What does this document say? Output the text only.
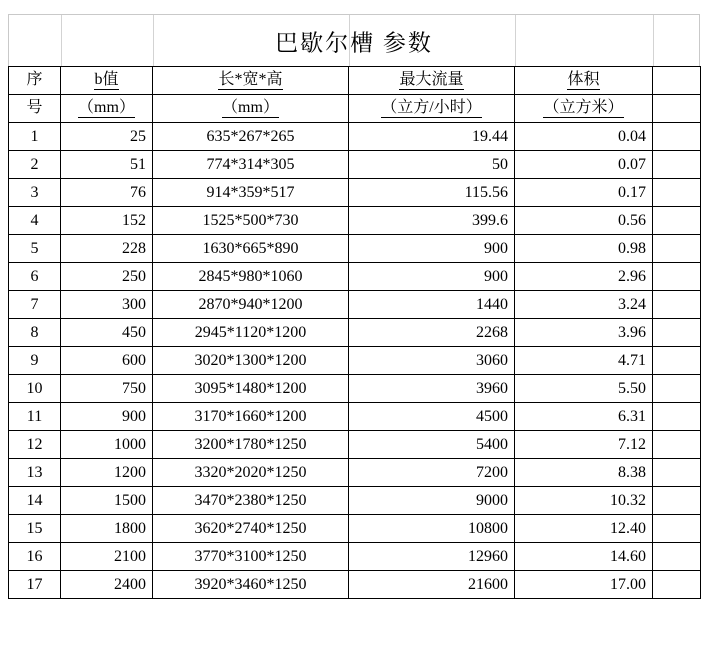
巴歇尔槽 参数
序	b值	长*宽*高	最大流量	体积	
号	（mm）	（mm）	（立方/小时）	（立方米）	
1	25	635*267*265	19.44	0.04	
2	51	774*314*305	50	0.07	
3	76	914*359*517	115.56	0.17	
4	152	1525*500*730	399.6	0.56	
5	228	1630*665*890	900	0.98	
6	250	2845*980*1060	900	2.96	
7	300	2870*940*1200	1440	3.24	
8	450	2945*1120*1200	2268	3.96	
9	600	3020*1300*1200	3060	4.71	
10	750	3095*1480*1200	3960	5.50	
11	900	3170*1660*1200	4500	6.31	
12	1000	3200*1780*1250	5400	7.12	
13	1200	3320*2020*1250	7200	8.38	
14	1500	3470*2380*1250	9000	10.32	
15	1800	3620*2740*1250	10800	12.40	
16	2100	3770*3100*1250	12960	14.60	
17	2400	3920*3460*1250	21600	17.00	
